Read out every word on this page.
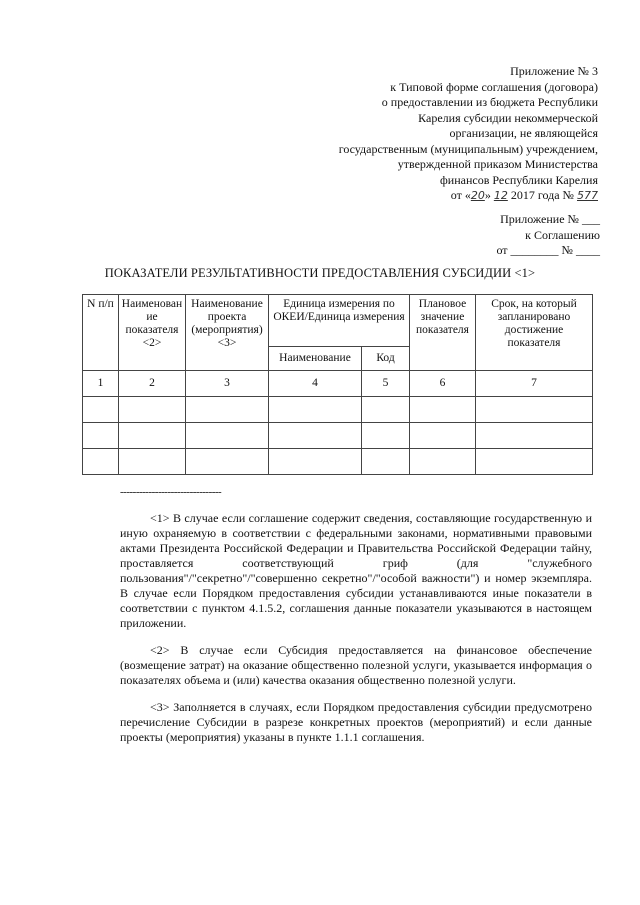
Приложение № 3
к Типовой форме соглашения (договора)
о предоставлении из бюджета Республики
Карелия субсидии некоммерческой
организации, не являющейся
государственным (муниципальным) учреждением,
утвержденной приказом Министерства
финансов Республики Карелия
от «20» 12 2017 года № 577
Приложение № ___
к Соглашению
от ________ № ____
ПОКАЗАТЕЛИ РЕЗУЛЬТАТИВНОСТИ ПРЕДОСТАВЛЕНИЯ СУБСИДИИ <1>
N п/п	Наименование показателя <2>	Наименование проекта (мероприятия) <3>	Единица измерения по ОКЕИ/Единица измерения		Плановое значение показателя	Срок, на который запланировано достижение показателя
			Наименование	Код		
1	2	3	4	5	6	7

--------------------------------

<1> В случае если соглашение содержит сведения, составляющие государственную и иную охраняемую в соответствии с федеральными законами, нормативными правовыми актами Президента Российской Федерации и Правительства Российской Федерации тайну, проставляется соответствующий гриф (для "служебного пользования"/"секретно"/"совершенно секретно"/"особой важности") и номер экземпляра. В случае если Порядком предоставления субсидии устанавливаются иные показатели в соответствии с пунктом 4.1.5.2, соглашения данные показатели указываются в настоящем приложении.

<2> В случае если Субсидия предоставляется на финансовое обеспечение (возмещение затрат) на оказание общественно полезной услуги, указывается информация о показателях объема и (или) качества оказания общественно полезной услуги.

<3> Заполняется в случаях, если Порядком предоставления субсидии предусмотрено перечисление Субсидии в разрезе конкретных проектов (мероприятий) и если данные проекты (мероприятия) указаны в пункте 1.1.1 соглашения.
